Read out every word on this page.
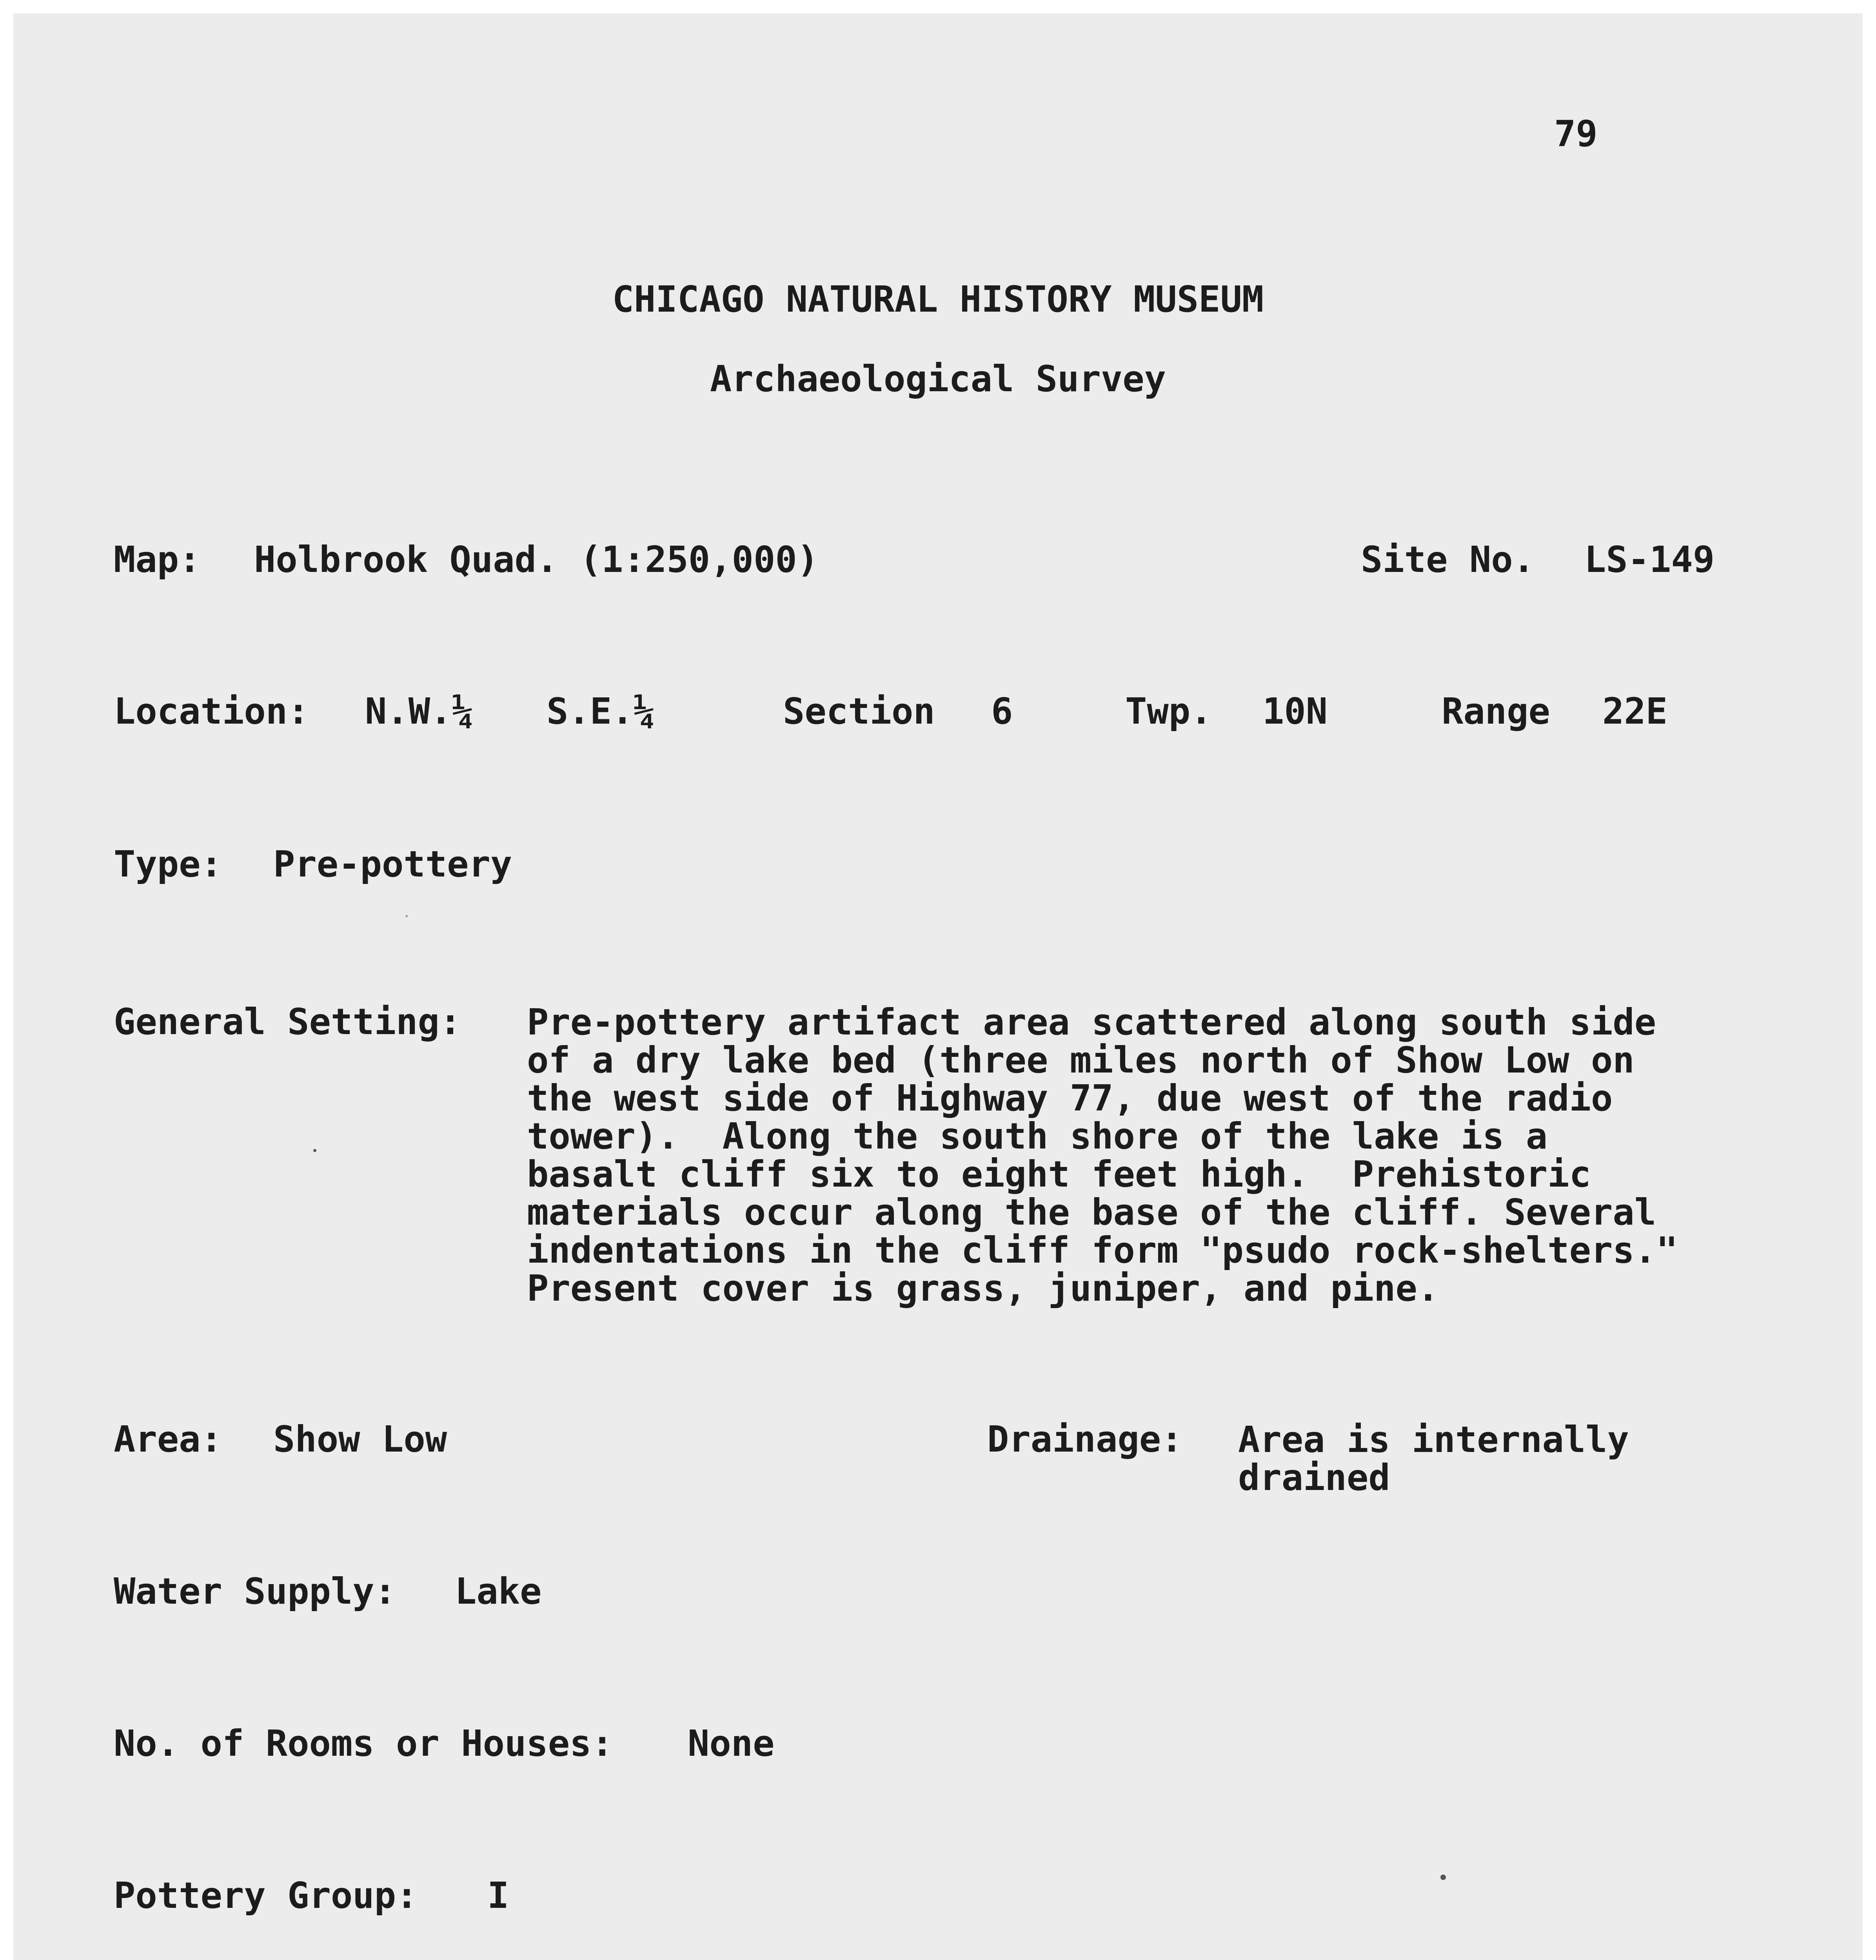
79
CHICAGO NATURAL HISTORY MUSEUM
Archaeological Survey
Map: Holbrook Quad. (1:250,000)	Site No. LS-149
Location: N.W.¼ S.E.¼	Section 6	Twp. 10N	Range 22E
Type: Pre-pottery
General Setting: Pre-pottery artifact area scattered along south side
of a dry lake bed (three miles north of Show Low on
the west side of Highway 77, due west of the radio
tower).  Along the south shore of the lake is a
basalt cliff six to eight feet high.  Prehistoric
materials occur along the base of the cliff. Several
indentations in the cliff form "psudo rock-shelters."
Present cover is grass, juniper, and pine.
Area: Show Low	Drainage: Area is internally
drained
Water Supply: Lake
No. of Rooms or Houses: None
Pottery Group: I
